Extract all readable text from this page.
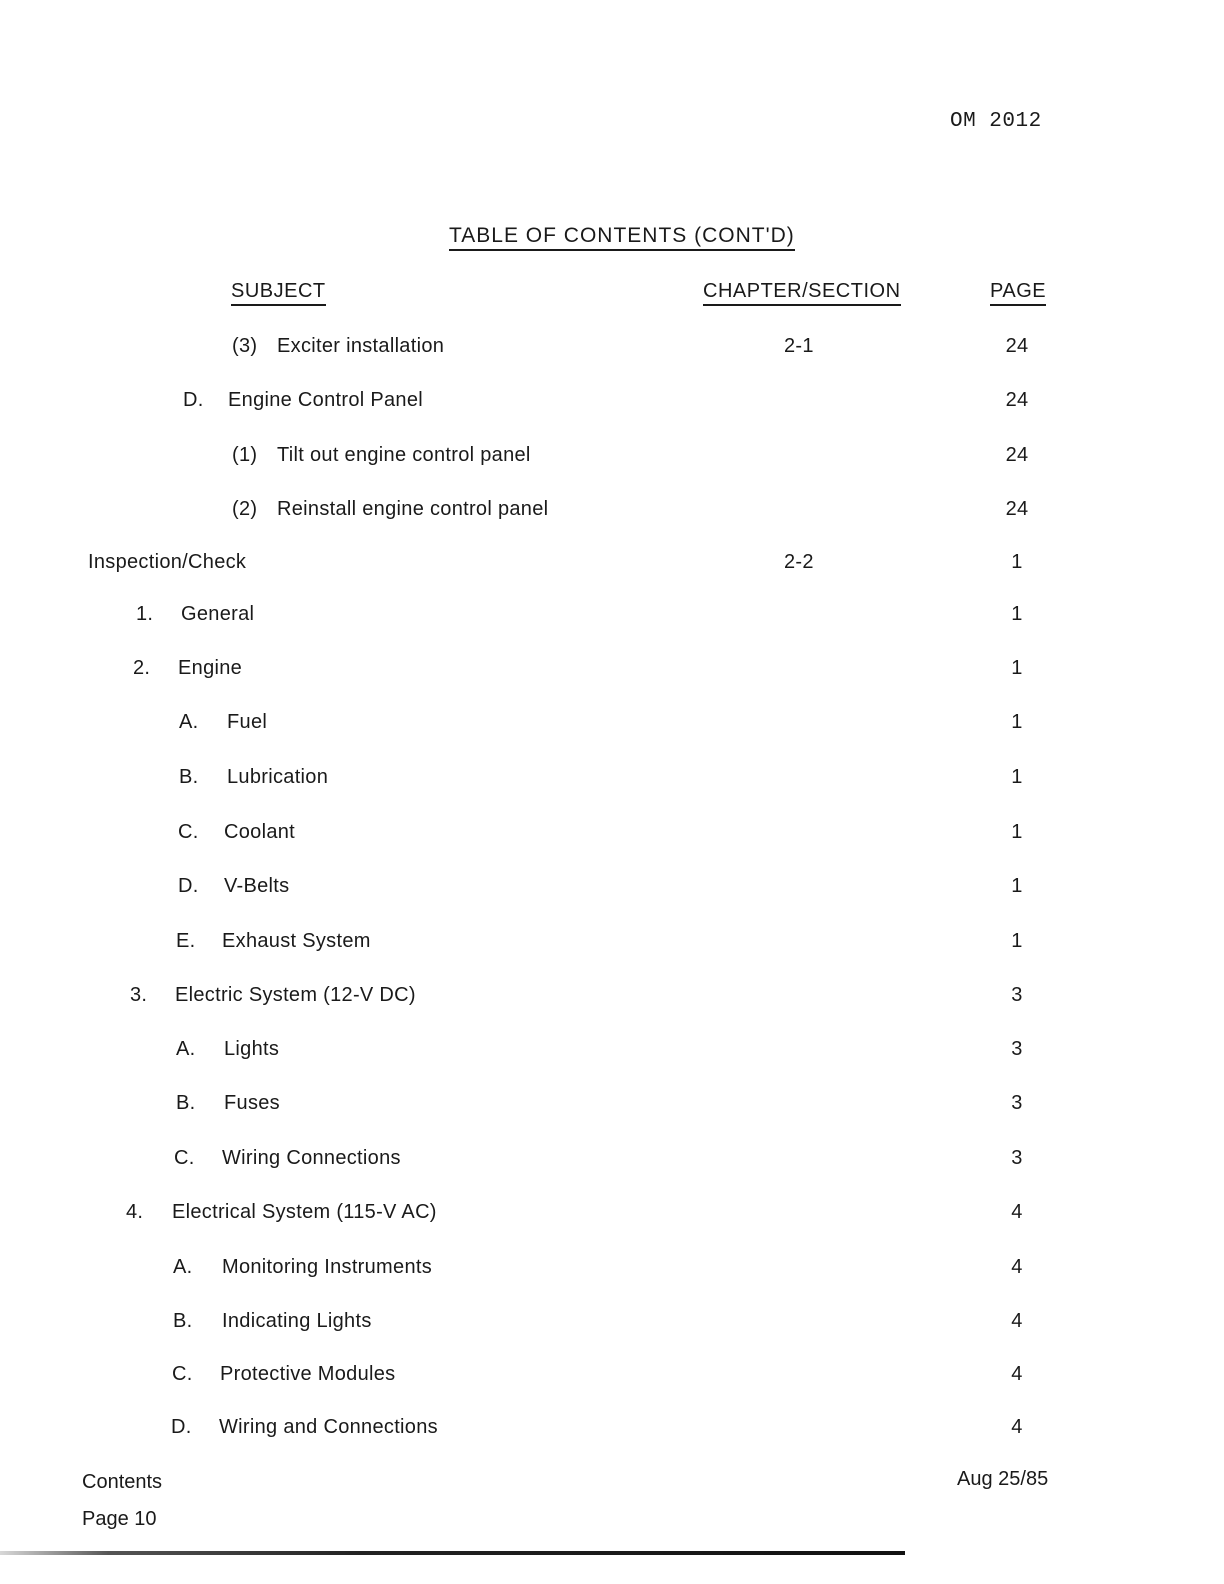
OM 2012
TABLE OF CONTENTS (CONT'D)
SUBJECT	CHAPTER/SECTION	PAGE
(3) Exciter installation	2-1	24
D. Engine Control Panel	24
(1) Tilt out engine control panel	24
(2) Reinstall engine control panel	24
Inspection/Check	2-2	1
1. General	1
2. Engine	1
A. Fuel	1
B. Lubrication	1
C. Coolant	1
D. V-Belts	1
E. Exhaust System	1
3. Electric System (12-V DC)	3
A. Lights	3
B. Fuses	3
C. Wiring Connections	3
4. Electrical System (115-V AC)	4
A. Monitoring Instruments	4
B. Indicating Lights	4
C. Protective Modules	4
D. Wiring and Connections	4
Contents
Page 10
Aug 25/85
